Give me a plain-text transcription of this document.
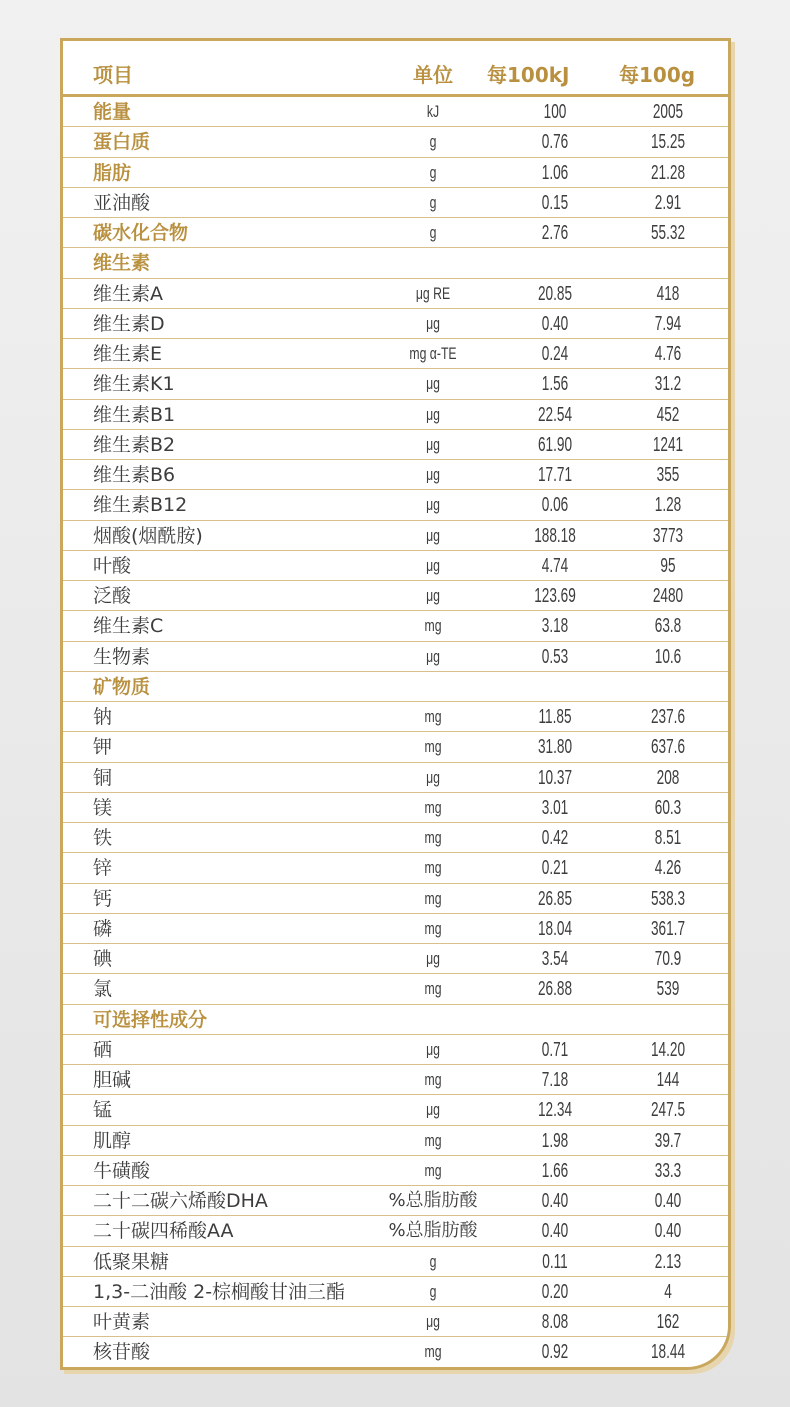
项目	单位 每100kJ 每100g
能量	kJ	100	2005
蛋白质	g	0.76	15.25
脂肪	g	1.06	21.28
亚油酸	g	0.15	2.91
碳水化合物	g	2.76	55.32
维生素
维生素A	μg RE	20.85	418
维生素D	μg	0.40	7.94
维生素E	mg α-TE	0.24	4.76
维生素K1	μg	1.56	31.2
维生素B1	μg	22.54	452
维生素B2	μg	61.90	1241
维生素B6	μg	17.71	355
维生素B12	μg	0.06	1.28
烟酸(烟酰胺)	μg	188.18	3773
叶酸	μg	4.74	95
泛酸	μg	123.69	2480
维生素C	mg	3.18	63.8
生物素	μg	0.53	10.6
矿物质
钠	mg	11.85	237.6
钾	mg	31.80	637.6
铜	μg	10.37	208
镁	mg	3.01	60.3
铁	mg	0.42	8.51
锌	mg	0.21	4.26
钙	mg	26.85	538.3
磷	mg	18.04	361.7
碘	μg	3.54	70.9
氯	mg	26.88	539
可选择性成分
硒	μg	0.71	14.20
胆碱	mg	7.18	144
锰	μg	12.34	247.5
肌醇	mg	1.98	39.7
牛磺酸	mg	1.66	33.3
二十二碳六烯酸DHA	%总脂肪酸	0.40	0.40
二十碳四稀酸AA	%总脂肪酸	0.40	0.40
低聚果糖	g	0.11	2.13
1,3-二油酸 2-棕榈酸甘油三酯	g	0.20	4
叶黄素	μg	8.08	162
核苷酸	mg	0.92	18.44
